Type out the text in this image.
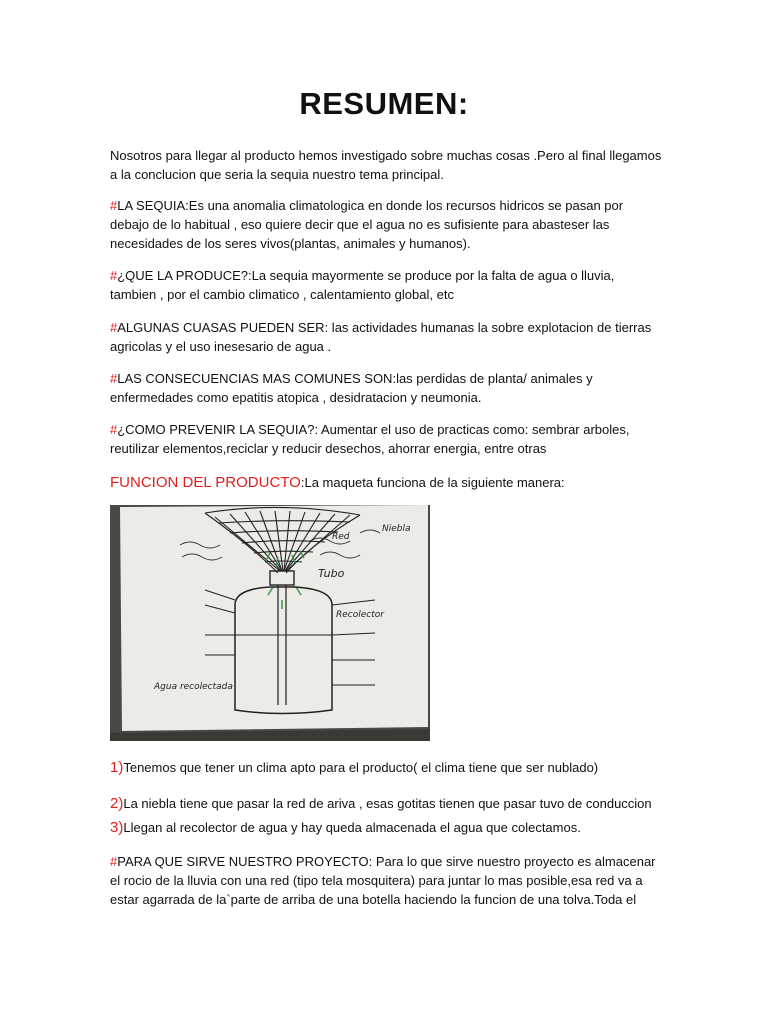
RESUMEN:

Nosotros para llegar al producto hemos investigado sobre muchas cosas .Pero al final llegamos a la conclucion que seria la sequia nuestro tema principal.

#LA SEQUIA:Es una anomalia climatologica en donde los recursos hidricos se pasan por debajo de lo habitual , eso quiere decir que el agua no es sufisiente para abasteser las necesidades de los seres vivos(plantas, animales y humanos).

#¿QUE LA PRODUCE?:La sequia mayormente se produce por la falta de agua o lluvia, tambien , por el cambio climatico , calentamiento global, etc

#ALGUNAS CUASAS PUEDEN SER: las actividades humanas la sobre explotacion de tierras agricolas y el uso inesesario de agua .

#LAS CONSECUENCIAS MAS COMUNES SON:las perdidas de planta/ animales y enfermedades como epatitis atopica , desidratacion y neumonia.

#¿COMO PREVENIR LA SEQUIA?: Aumentar el uso de practicas como: sembrar arboles, reutilizar elementos,reciclar y reducir desechos, ahorrar energia, entre otras

FUNCION DEL PRODUCTO:La maqueta funciona de la siguiente manera:

Red
Niebla
Tubo
Recolector
Agua recolectada

1)Tenemos que tener un clima apto para el producto( el clima tiene que ser nublado)

2)La niebla tiene que pasar la red de ariva , esas gotitas tienen que pasar tuvo de conduccion

3)Llegan al recolector de agua y hay queda almacenada el agua que colectamos.

#PARA QUE SIRVE NUESTRO PROYECTO: Para lo que sirve nuestro proyecto es almacenar el rocio de la lluvia con una red (tipo tela mosquitera) para juntar lo mas posible,esa red va a estar agarrada de la`parte de arriba de una botella haciendo la funcion de una tolva.Toda el
